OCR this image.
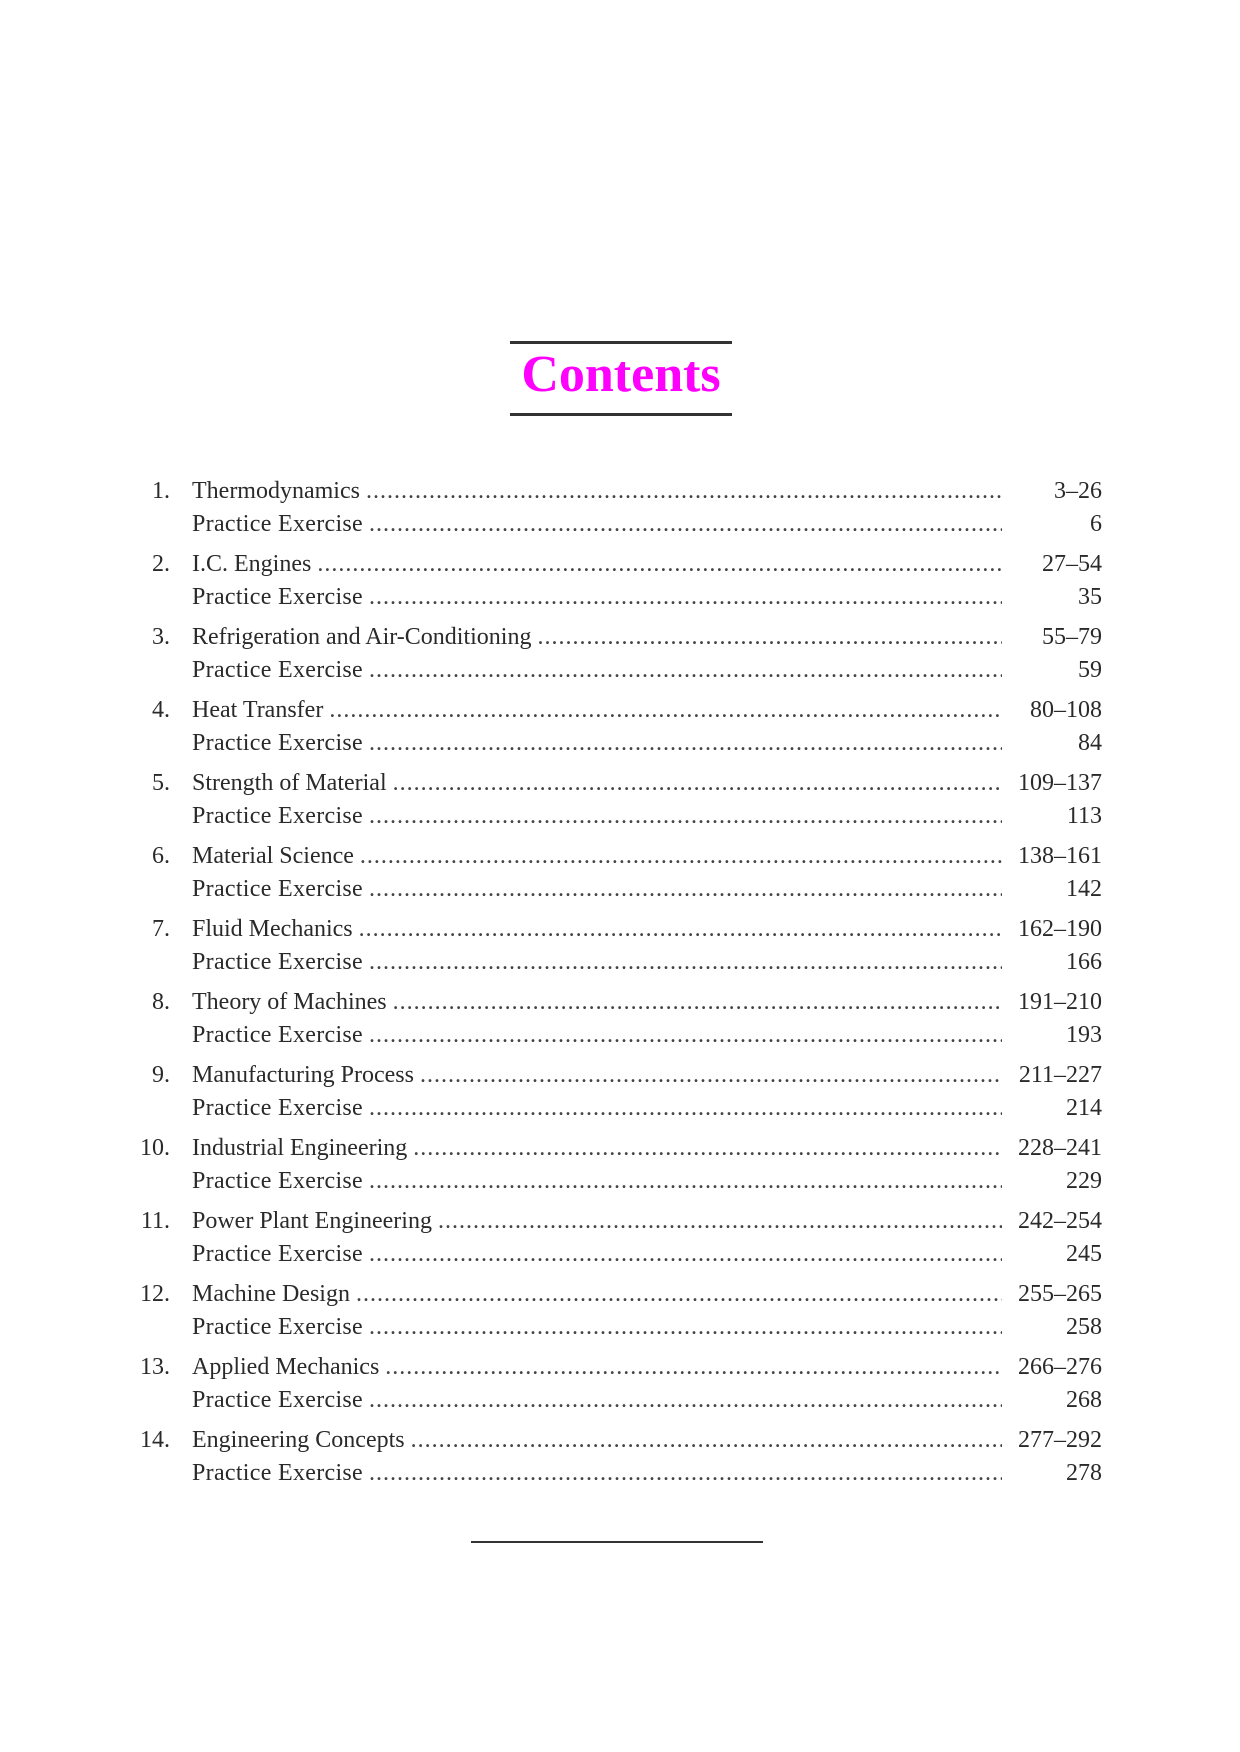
Contents
1. Thermodynamics .....	3–26
Practice Exercise .....	6
2. I.C. Engines .....	27–54
Practice Exercise .....	35
3. Refrigeration and Air-Conditioning .....	55–79
Practice Exercise .....	59
4. Heat Transfer .....	80–108
Practice Exercise .....	84
5. Strength of Material .....	109–137
Practice Exercise .....	113
6. Material Science .....	138–161
Practice Exercise .....	142
7. Fluid Mechanics .....	162–190
Practice Exercise .....	166
8. Theory of Machines .....	191–210
Practice Exercise .....	193
9. Manufacturing Process .....	211–227
Practice Exercise .....	214
10. Industrial Engineering .....	228–241
Practice Exercise .....	229
11. Power Plant Engineering .....	242–254
Practice Exercise .....	245
12. Machine Design .....	255–265
Practice Exercise .....	258
13. Applied Mechanics .....	266–276
Practice Exercise .....	268
14. Engineering Concepts .....	277–292
Practice Exercise .....	278
